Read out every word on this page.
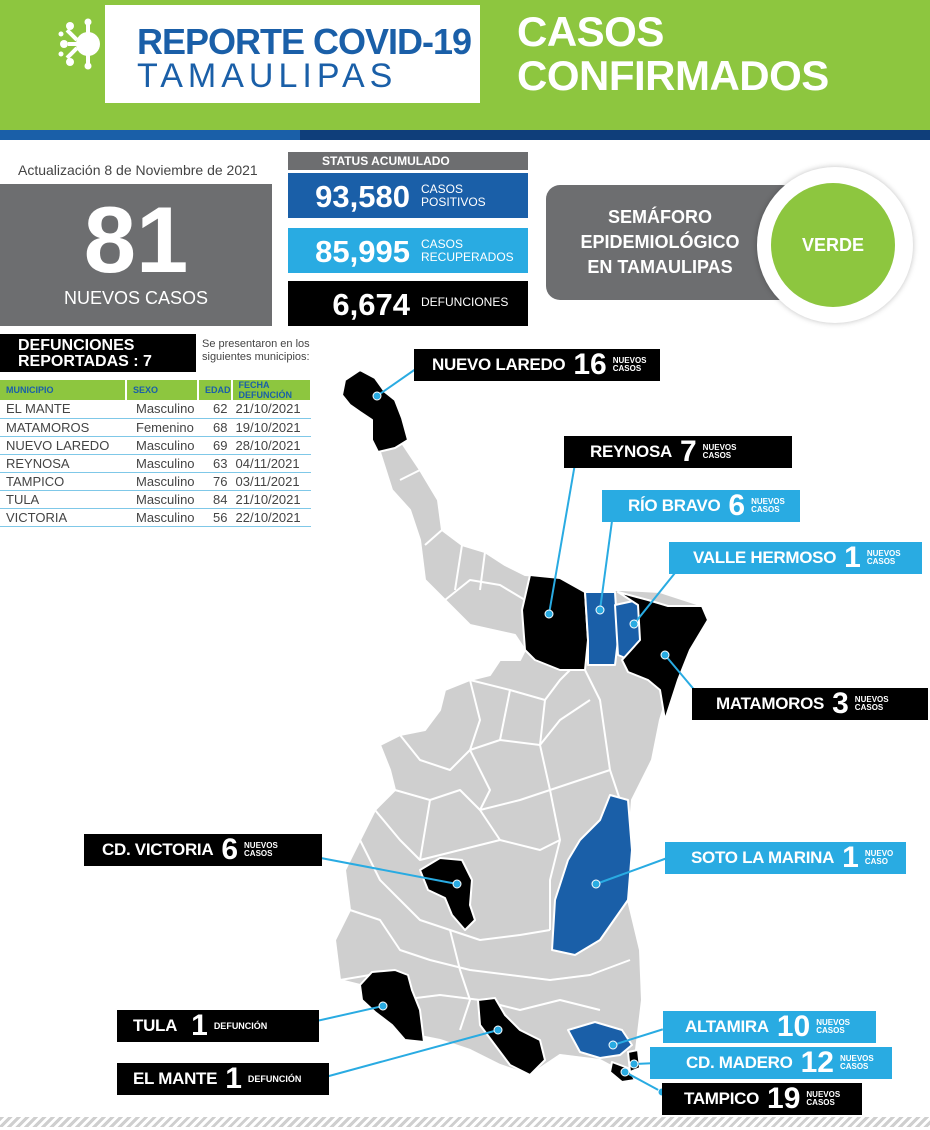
REPORTE COVID-19
TAMAULIPAS
CASOS
CONFIRMADOS
Actualización 8 de Noviembre de 2021
81
NUEVOS CASOS
STATUS ACUMULADO
93,580 CASOS
POSITIVOS
85,995 CASOS
RECUPERADOS
6,674 DEFUNCIONES
SEMÁFORO
EPIDEMIOLÓGICO
EN TAMAULIPAS
VERDE
DEFUNCIONES
REPORTADAS : 7
Se presentaron en los
siguientes municipios:
MUNICIPIO	SEXO	EDAD	FECHA DEFUNCIÓN
EL MANTE	Masculino	62	21/10/2021
MATAMOROS	Femenino	68	19/10/2021
NUEVO LAREDO	Masculino	69	28/10/2021
REYNOSA	Masculino	63	04/11/2021
TAMPICO	Masculino	76	03/11/2021
TULA	Masculino	84	21/10/2021
VICTORIA	Masculino	56	22/10/2021
NUEVO LAREDO 16 NUEVOS
CASOS
REYNOSA 7 NUEVOS
CASOS
RÍO BRAVO 6 NUEVOS
CASOS
VALLE HERMOSO 1 NUEVOS
CASOS
MATAMOROS 3 NUEVOS
CASOS
CD. VICTORIA 6 NUEVOS
CASOS	SOTO LA MARINA 1 NUEVO
CASO
TULA 1 DEFUNCIÓN
EL MANTE 1 DEFUNCIÓN
ALTAMIRA 10 NUEVOS
CASOS
CD. MADERO 12 NUEVOS
CASOS
TAMPICO 19 NUEVOS
CASOS
